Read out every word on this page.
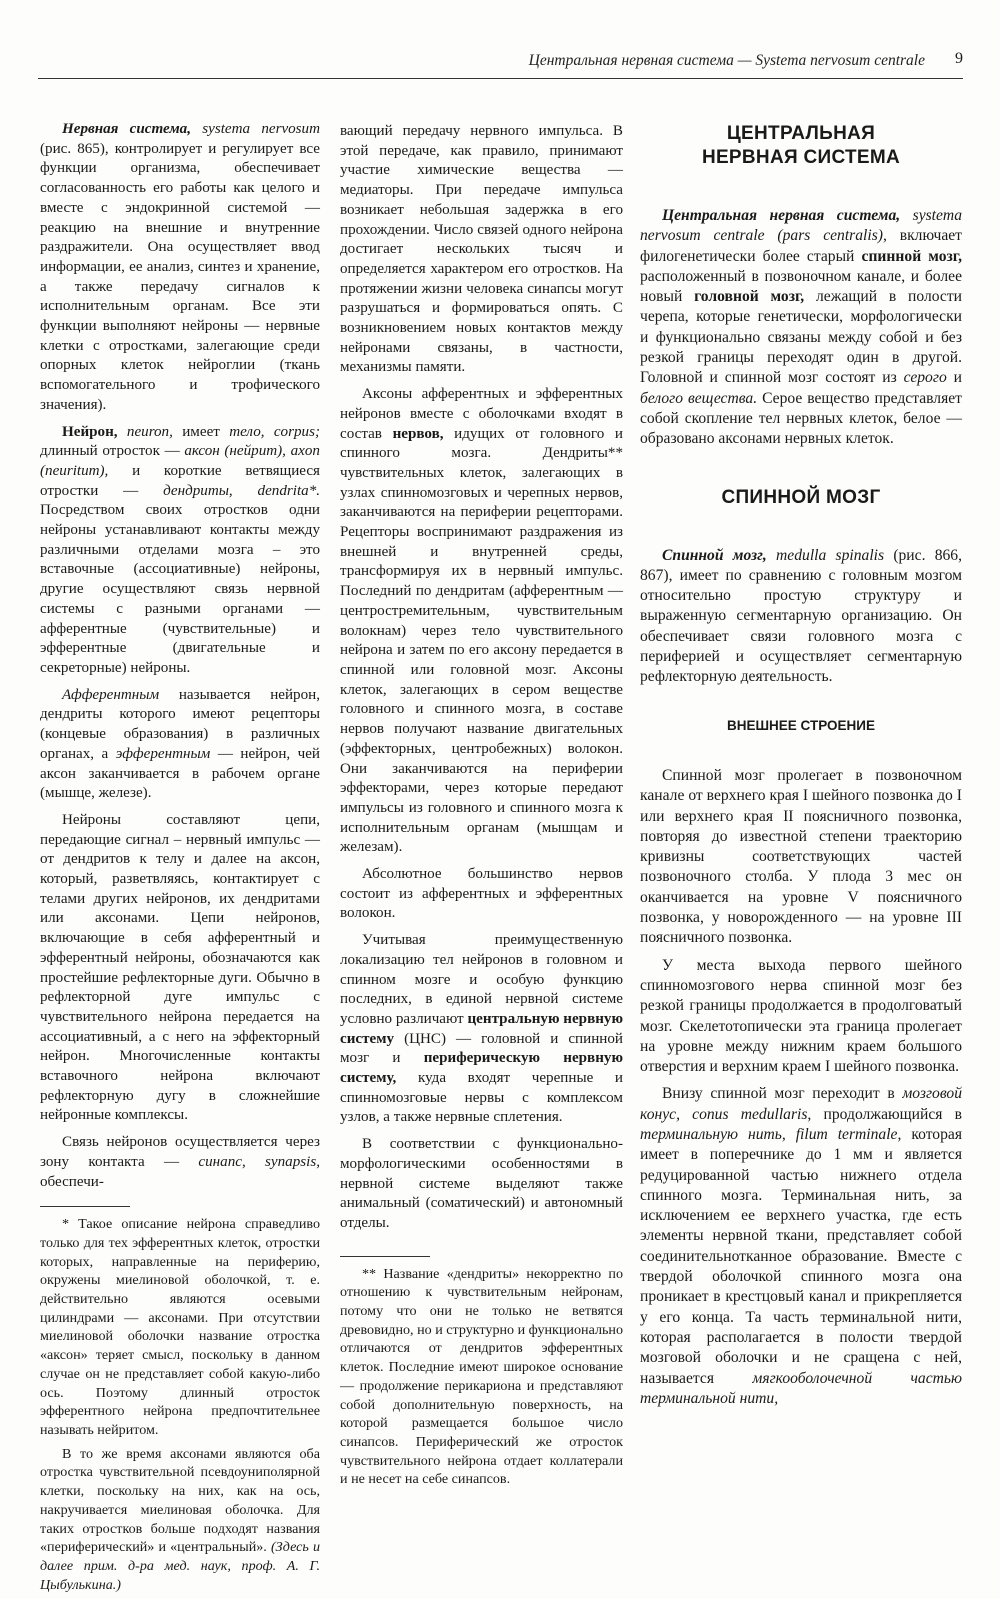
Центральная нервная система — Systema nervosum centrale 9

Нервная система, systema nervosum (рис. 865), контролирует и регулирует все функции организма, обеспечивает согласованность его работы как целого и вместе с эндокринной системой — реакцию на внешние и внутренние раздражители. Она осуществляет ввод информации, ее анализ, синтез и хранение, а также передачу сигналов к исполнительным органам. Все эти функции выполняют нейроны — нервные клетки с отростками, залегающие среди опорных клеток нейроглии (ткань вспомогательного и трофического значения).

Нейрон, neuron, имеет тело, corpus; длинный отросток — аксон (нейрит), axon (neuritum), и короткие ветвящиеся отростки — дендриты, dendrita*. Посредством своих отростков одни нейроны устанавливают контакты между различными отделами мозга – это вставочные (ассоциативные) нейроны, другие осуществляют связь нервной системы с разными органами — афферентные (чувствительные) и эфферентные (двигательные и секреторные) нейроны.

Афферентным называется нейрон, дендриты которого имеют рецепторы (концевые образования) в различных органах, а эфферентным — нейрон, чей аксон заканчивается в рабочем органе (мышце, железе).

Нейроны составляют цепи, передающие сигнал – нервный импульс — от дендритов к телу и далее на аксон, который, разветвляясь, контактирует с телами других нейронов, их дендритами или аксонами. Цепи нейронов, включающие в себя афферентный и эфферентный нейроны, обозначаются как простейшие рефлекторные дуги. Обычно в рефлекторной дуге импульс с чувствительного нейрона передается на ассоциативный, а с него на эффекторный нейрон. Многочисленные контакты вставочного нейрона включают рефлекторную дугу в сложнейшие нейронные комплексы.

Связь нейронов осуществляется через зону контакта — синапс, synapsis, обеспечи-

* Такое описание нейрона справедливо только для тех эфферентных клеток, отростки которых, направленные на периферию, окружены миелиновой оболочкой, т. е. действительно являются осевыми цилиндрами — аксонами. При отсутствии миелиновой оболочки название отростка «аксон» теряет смысл, поскольку в данном случае он не представляет собой какую-либо ось. Поэтому длинный отросток эфферентного нейрона предпочтительнее называть нейритом.

В то же время аксонами являются оба отростка чувствительной псевдоуниполярной клетки, поскольку на них, как на ось, накручивается миелиновая оболочка. Для таких отростков больше подходят названия «периферический» и «центральный». (Здесь и далее прим. д-ра мед. наук, проф. А. Г. Цыбулькина.)

вающий передачу нервного импульса. В этой передаче, как правило, принимают участие химические вещества — медиаторы. При передаче импульса возникает небольшая задержка в его прохождении. Число связей одного нейрона достигает нескольких тысяч и определяется характером его отростков. На протяжении жизни человека синапсы могут разрушаться и формироваться опять. С возникновением новых контактов между нейронами связаны, в частности, механизмы памяти.

Аксоны афферентных и эфферентных нейронов вместе с оболочками входят в состав нервов, идущих от головного и спинного мозга. Дендриты** чувствительных клеток, залегающих в узлах спинномозговых и черепных нервов, заканчиваются на периферии рецепторами. Рецепторы воспринимают раздражения из внешней и внутренней среды, трансформируя их в нервный импульс. Последний по дендритам (афферентным — центростремительным, чувствительным волокнам) через тело чувствительного нейрона и затем по его аксону передается в спинной или головной мозг. Аксоны клеток, залегающих в сером веществе головного и спинного мозга, в составе нервов получают название двигательных (эффекторных, центробежных) волокон. Они заканчиваются на периферии эффекторами, через которые передают импульсы из головного и спинного мозга к исполнительным органам (мышцам и железам).

Абсолютное большинство нервов состоит из афферентных и эфферентных волокон.

Учитывая преимущественную локализацию тел нейронов в головном и спинном мозге и особую функцию последних, в единой нервной системе условно различают центральную нервную систему (ЦНС) — головной и спинной мозг и периферическую нервную систему, куда входят черепные и спинномозговые нервы с комплексом узлов, а также нервные сплетения.

В соответствии с функционально-морфологическими особенностями в нервной системе выделяют также анимальный (соматический) и автономный отделы.

** Название «дендриты» некорректно по отношению к чувствительным нейронам, потому что они не только не ветвятся древовидно, но и структурно и функционально отличаются от дендритов эфферентных клеток. Последние имеют широкое основание — продолжение перикариона и представляют собой дополнительную поверхность, на которой размещается большое число синапсов. Периферический же отросток чувствительного нейрона отдает коллатерали и не несет на себе синапсов.

ЦЕНТРАЛЬНАЯ НЕРВНАЯ СИСТЕМА

Центральная нервная система, systema nervosum centrale (pars centralis), включает филогенетически более старый спинной мозг, расположенный в позвоночном канале, и более новый головной мозг, лежащий в полости черепа, которые генетически, морфологически и функционально связаны между собой и без резкой границы переходят один в другой. Головной и спинной мозг состоят из серого и белого вещества. Серое вещество представляет собой скопление тел нервных клеток, белое — образовано аксонами нервных клеток.

СПИННОЙ МОЗГ

Спинной мозг, medulla spinalis (рис. 866, 867), имеет по сравнению с головным мозгом относительно простую структуру и выраженную сегментарную организацию. Он обеспечивает связи головного мозга с периферией и осуществляет сегментарную рефлекторную деятельность.

ВНЕШНЕЕ СТРОЕНИЕ

Спинной мозг пролегает в позвоночном канале от верхнего края I шейного позвонка до I или верхнего края II поясничного позвонка, повторяя до известной степени траекторию кривизны соответствующих частей позвоночного столба. У плода 3 мес он оканчивается на уровне V поясничного позвонка, у новорожденного — на уровне III поясничного позвонка.

У места выхода первого шейного спинномозгового нерва спинной мозг без резкой границы продолжается в продолговатый мозг. Скелетотопически эта граница пролегает на уровне между нижним краем большого отверстия и верхним краем I шейного позвонка.

Внизу спинной мозг переходит в мозговой конус, conus medullaris, продолжающийся в терминальную нить, filum terminale, которая имеет в поперечнике до 1 мм и является редуцированной частью нижнего отдела спинного мозга. Терминальная нить, за исключением ее верхнего участка, где есть элементы нервной ткани, представляет собой соединительнотканное образование. Вместе с твердой оболочкой спинного мозга она проникает в крестцовый канал и прикрепляется у его конца. Та часть терминальной нити, которая располагается в полости твердой мозговой оболочки и не сращена с ней, называется мягкооболочечной частью терминальной нити,
